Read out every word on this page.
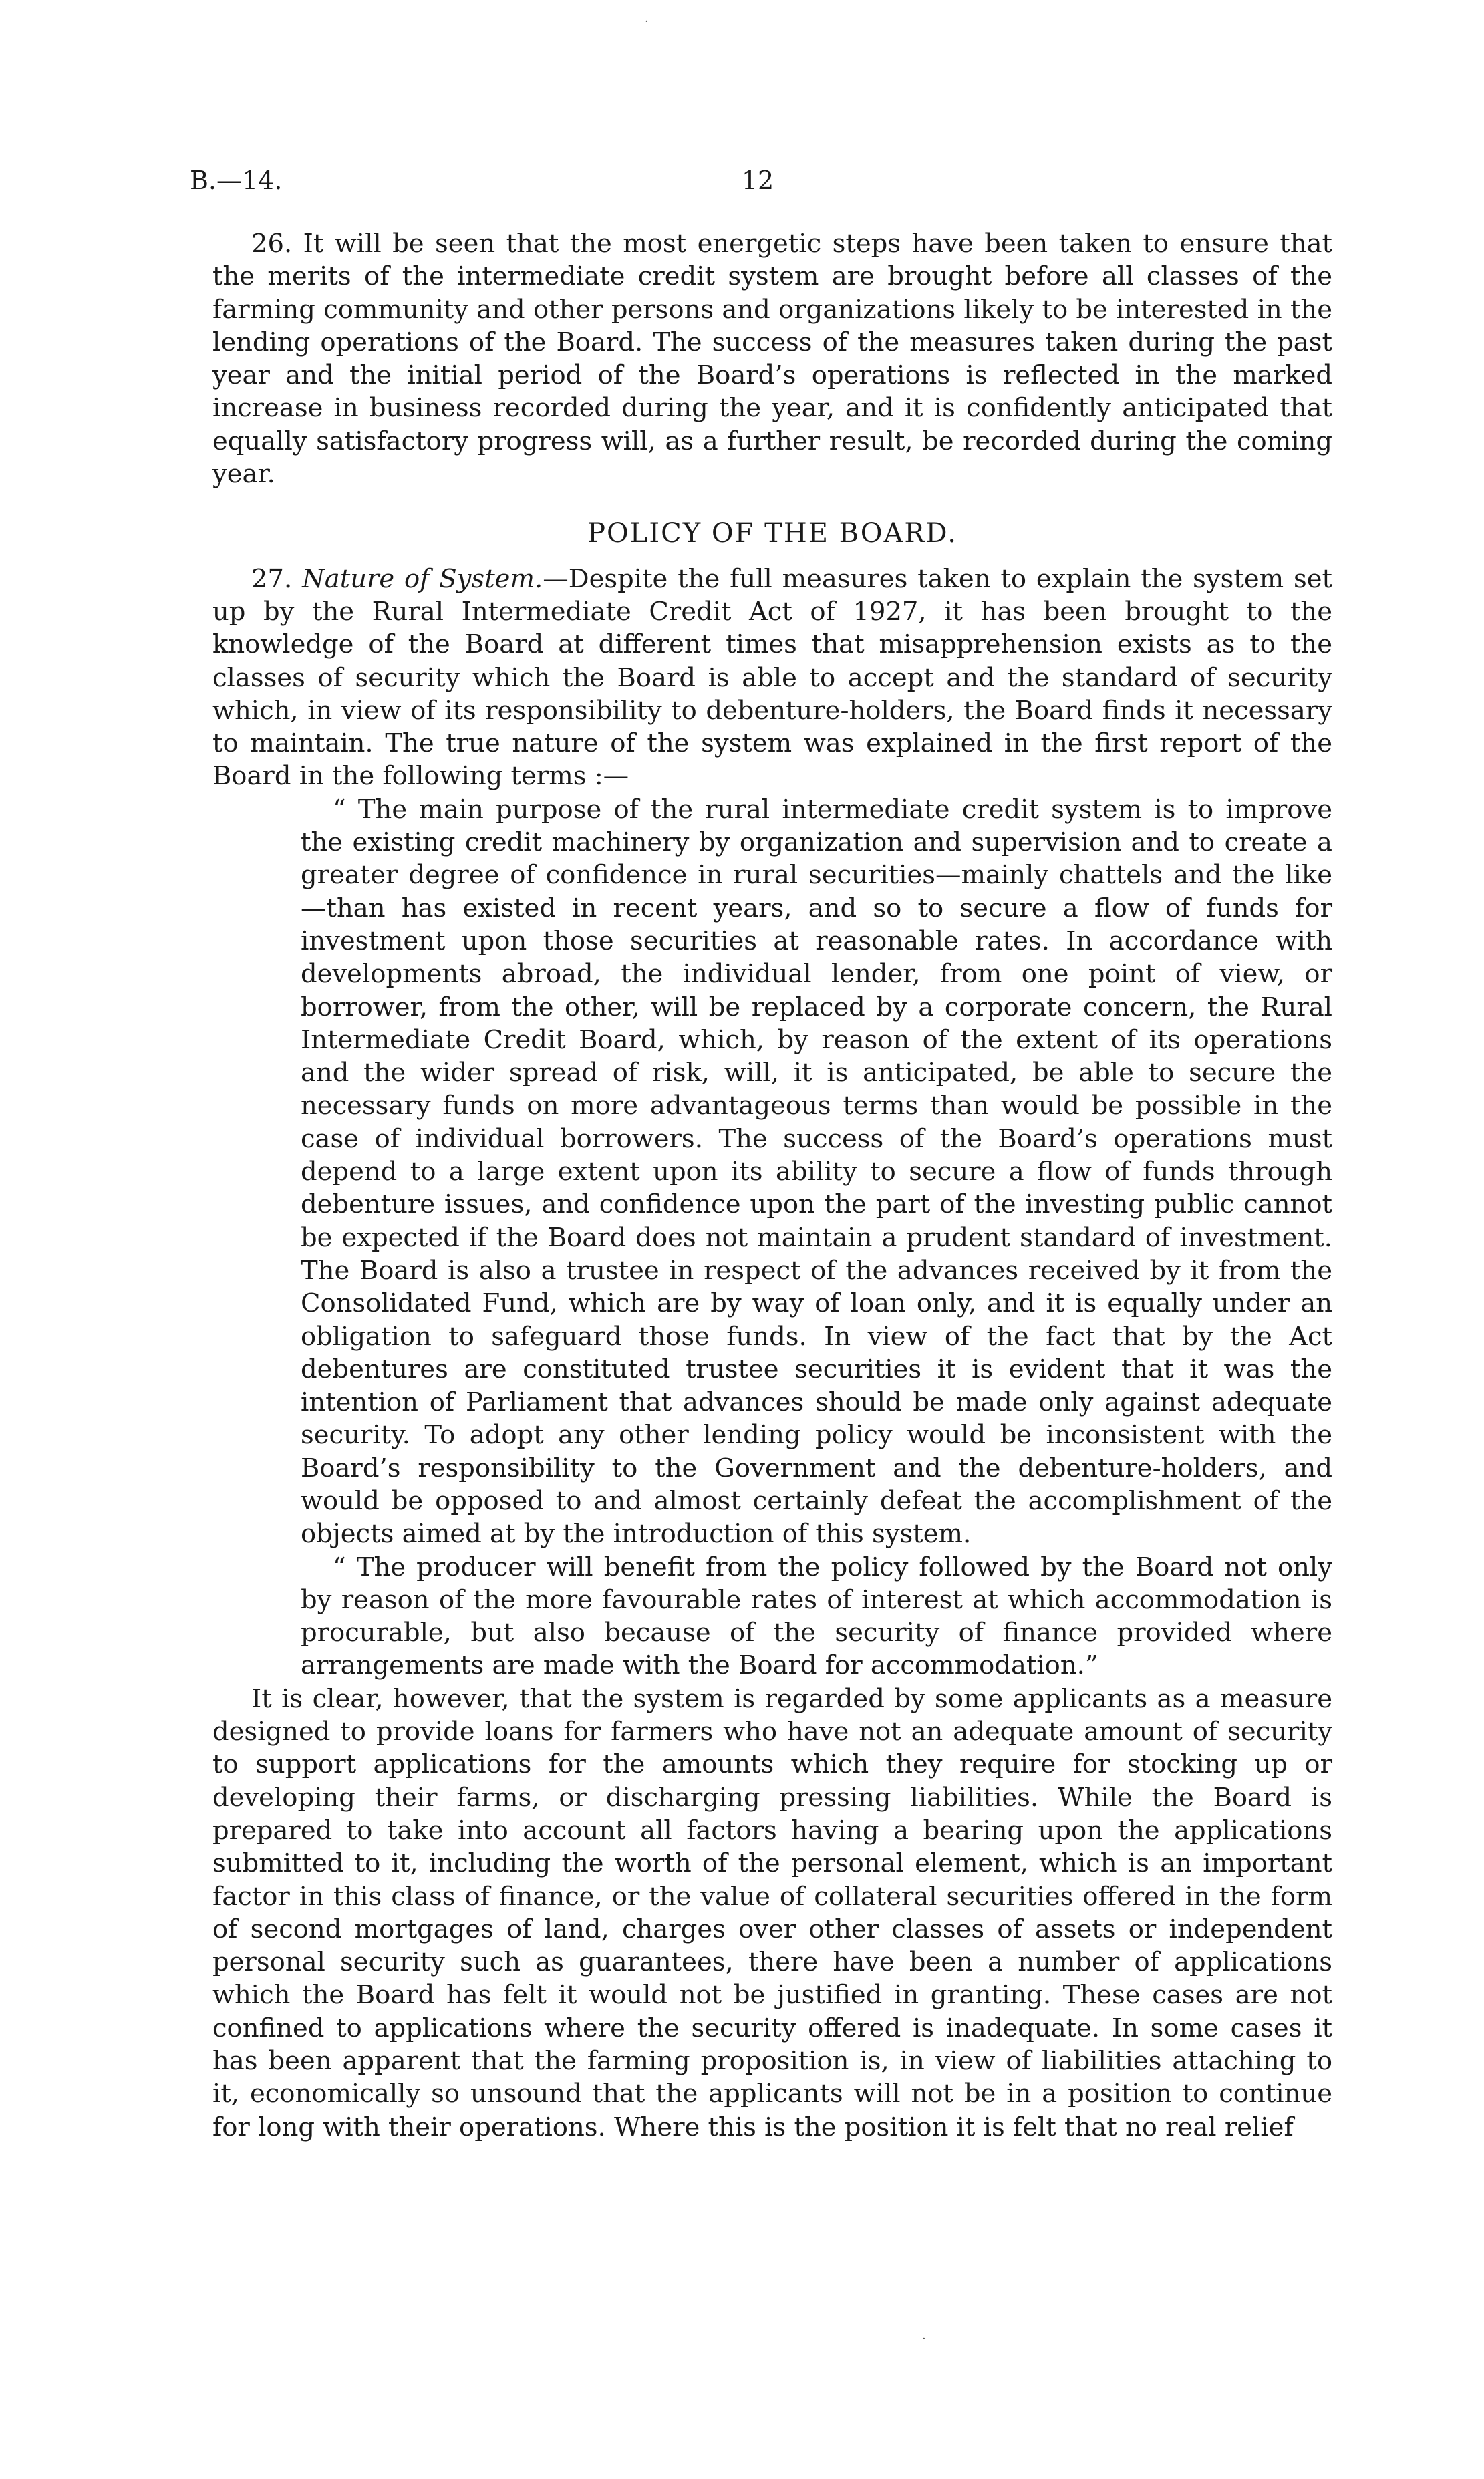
B.—14.	12

26. It will be seen that the most energetic steps have been taken to ensure that the merits of the intermediate credit system are brought before all classes of the farming community and other persons and organizations likely to be interested in the lending operations of the Board. The success of the measures taken during the past year and the initial period of the Board’s operations is reflected in the marked increase in business recorded during the year, and it is confidently anticipated that equally satisfactory progress will, as a further result, be recorded during the coming year.

POLICY OF THE BOARD.

27. Nature of System.—Despite the full measures taken to explain the system set up by the Rural Intermediate Credit Act of 1927, it has been brought to the knowledge of the Board at different times that misapprehension exists as to the classes of security which the Board is able to accept and the standard of security which, in view of its responsibility to debenture-holders, the Board finds it necessary to maintain. The true nature of the system was explained in the first report of the Board in the following terms :—

“ The main purpose of the rural intermediate credit system is to improve the existing credit machinery by organization and supervision and to create a greater degree of confidence in rural securities—mainly chattels and the like—than has existed in recent years, and so to secure a flow of funds for investment upon those securities at reasonable rates. In accordance with developments abroad, the individual lender, from one point of view, or borrower, from the other, will be replaced by a corporate concern, the Rural Intermediate Credit Board, which, by reason of the extent of its operations and the wider spread of risk, will, it is anticipated, be able to secure the necessary funds on more advantageous terms than would be possible in the case of individual borrowers. The success of the Board’s operations must depend to a large extent upon its ability to secure a flow of funds through debenture issues, and confidence upon the part of the investing public cannot be expected if the Board does not maintain a prudent standard of investment. The Board is also a trustee in respect of the advances received by it from the Consolidated Fund, which are by way of loan only, and it is equally under an obligation to safeguard those funds. In view of the fact that by the Act debentures are constituted trustee securities it is evident that it was the intention of Parliament that advances should be made only against adequate security. To adopt any other lending policy would be inconsistent with the Board’s responsibility to the Government and the debenture-holders, and would be opposed to and almost certainly defeat the accomplishment of the objects aimed at by the introduction of this system.

“ The producer will benefit from the policy followed by the Board not only by reason of the more favourable rates of interest at which accommodation is procurable, but also because of the security of finance provided where arrangements are made with the Board for accommodation.”

It is clear, however, that the system is regarded by some applicants as a measure designed to provide loans for farmers who have not an adequate amount of security to support applications for the amounts which they require for stocking up or developing their farms, or discharging pressing liabilities. While the Board is prepared to take into account all factors having a bearing upon the applications submitted to it, including the worth of the personal element, which is an important factor in this class of finance, or the value of collateral securities offered in the form of second mortgages of land, charges over other classes of assets or independent personal security such as guarantees, there have been a number of applications which the Board has felt it would not be justified in granting. These cases are not confined to applications where the security offered is inadequate. In some cases it has been apparent that the farming proposition is, in view of liabilities attaching to it, economically so unsound that the applicants will not be in a position to continue for long with their operations. Where this is the position it is felt that no real relief

·
·
